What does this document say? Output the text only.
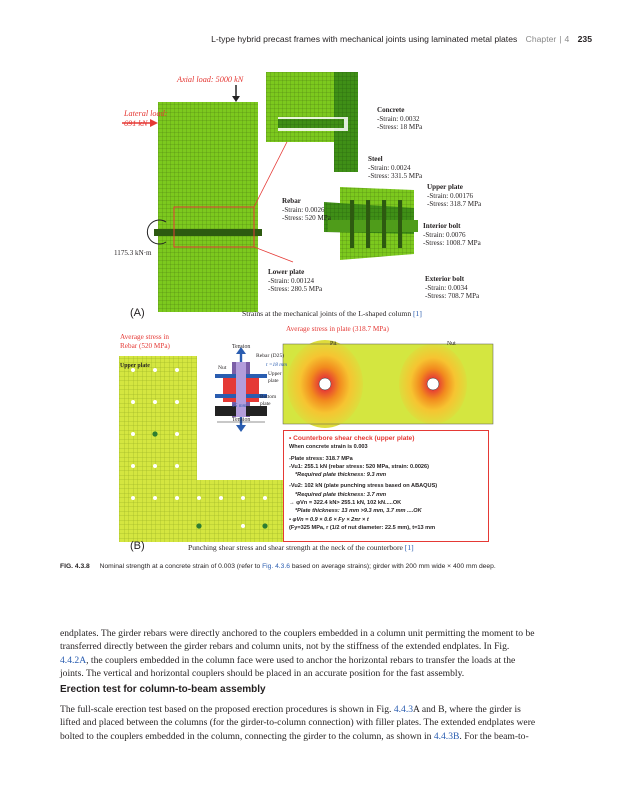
L-type hybrid precast frames with mechanical joints using laminated metal plates Chapter | 4 235
Axial load: 5000 kN
Lateral load:
691 kN
1175.3 kN·m
Concrete
-Strain: 0.0032
-Stress: 18 MPa
Steel
-Strain: 0.0024
-Stress: 331.5 MPa
Upper plate
-Strain: 0.00176
-Stress: 318.7 MPa
Rebar
-Strain: 0.0026
-Stress: 520 MPa
Interior bolt
-Strain: 0.0076
-Stress: 1008.7 MPa
Lower plate
-Strain: 0.00124
-Stress: 280.5 MPa
Exterior bolt
-Strain: 0.0034
-Stress: 708.7 MPa
(A)	Strains at the mechanical joints of the L-shaped column [1]
Average stress in plate (318.7 MPa)
Average stress in
Rebar (520 MPa)
Upper plate
Tension
Rebar (D25)
Nut	t =18 mm
Upper plate
Bottom plate
45 mm
Tension
Pit	Nut
• Counterbore shear check (upper plate)
When concrete strain is 0.003
-Plate stress: 318.7 MPa
-Vu1: 255.1 kN (rebar stress: 520 MPa, strain: 0.0026)
*Required plate thickness: 9.3 mm
-Vu2: 102 kN (plate punching stress based on ABAQUS)
*Required plate thickness: 3.7 mm
→ φVn = 322.4 kN> 255.1 kN, 102 kN.....OK
*Plate thickness: 13 mm >9.3 mm, 3.7 mm ....OK
• φVn = 0.9 × 0.6 × Fy × 2πr × t
(Fy=325 MPa, r (1/2 of nut diameter: 22.5 mm), t=13 mm
(B)	Punching shear stress and shear strength at the neck of the counterbore [1]
FIG. 4.3.8 Nominal strength at a concrete strain of 0.003 (refer to Fig. 4.3.6 based on average strains); girder with 200 mm wide × 400 mm deep.
endplates. The girder rebars were directly anchored to the couplers embedded in a column unit permitting the moment to be
transferred directly between the girder rebars and column units, not by the stiffness of the extended endplates. In Fig.
4.4.2A, the couplers embedded in the column face were used to anchor the horizontal rebars to transfer the loads at the
joints. The vertical and horizontal couplers should be placed in an accurate position for the fast assembly.
Erection test for column-to-beam assembly
The full-scale erection test based on the proposed erection procedures is shown in Fig. 4.4.3A and B, where the girder is
lifted and placed between the columns (for the girder-to-column connection) with filler plates. The extended endplates were
bolted to the couplers embedded in the column, connecting the girder to the column, as shown in 4.4.3B. For the beam-to-
